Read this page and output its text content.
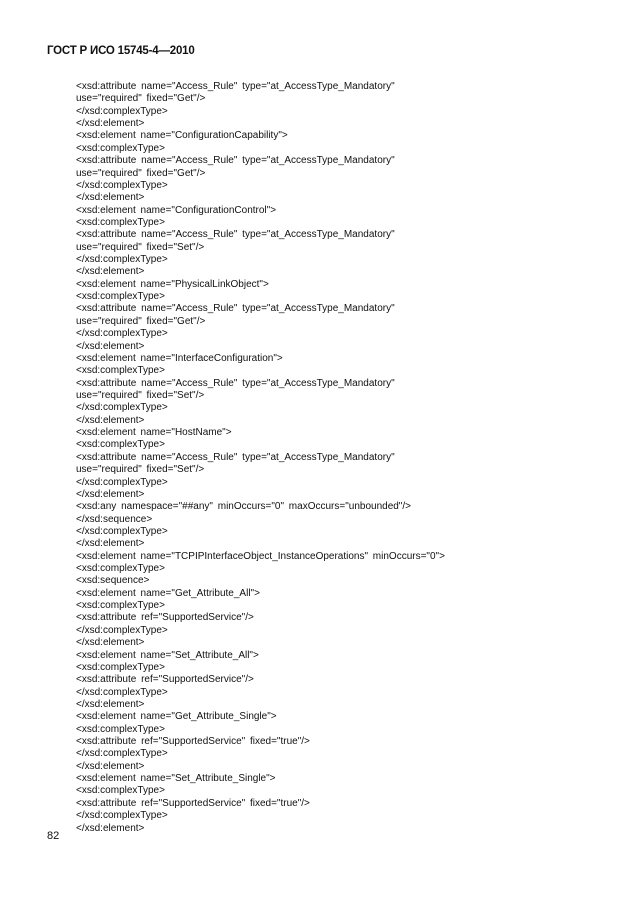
ГОСТ Р ИСО 15745-4—2010
<xsd:attribute name="Access_Rule" type="at_AccessType_Mandatory"
use="required" fixed="Get"/>
</xsd:complexType>
</xsd:element>
<xsd:element name="ConfigurationCapability">
<xsd:complexType>
<xsd:attribute name="Access_Rule" type="at_AccessType_Mandatory"
use="required" fixed="Get"/>
</xsd:complexType>
</xsd:element>
<xsd:element name="ConfigurationControl">
<xsd:complexType>
<xsd:attribute name="Access_Rule" type="at_AccessType_Mandatory"
use="required" fixed="Set"/>
</xsd:complexType>
</xsd:element>
<xsd:element name="PhysicalLinkObject">
<xsd:complexType>
<xsd:attribute name="Access_Rule" type="at_AccessType_Mandatory"
use="required" fixed="Get"/>
</xsd:complexType>
</xsd:element>
<xsd:element name="InterfaceConfiguration">
<xsd:complexType>
<xsd:attribute name="Access_Rule" type="at_AccessType_Mandatory"
use="required" fixed="Set"/>
</xsd:complexType>
</xsd:element>
<xsd:element name="HostName">
<xsd:complexType>
<xsd:attribute name="Access_Rule" type="at_AccessType_Mandatory"
use="required" fixed="Set"/>
</xsd:complexType>
</xsd:element>
<xsd:any namespace="##any" minOccurs="0" maxOccurs="unbounded"/>
</xsd:sequence>
</xsd:complexType>
</xsd:element>
<xsd:element name="TCPIPInterfaceObject_InstanceOperations" minOccurs="0">
<xsd:complexType>
<xsd:sequence>
<xsd:element name="Get_Attribute_All">
<xsd:complexType>
<xsd:attribute ref="SupportedService"/>
</xsd:complexType>
</xsd:element>
<xsd:element name="Set_Attribute_All">
<xsd:complexType>
<xsd:attribute ref="SupportedService"/>
</xsd:complexType>
</xsd:element>
<xsd:element name="Get_Attribute_Single">
<xsd:complexType>
<xsd:attribute ref="SupportedService" fixed="true"/>
</xsd:complexType>
</xsd:element>
<xsd:element name="Set_Attribute_Single">
<xsd:complexType>
<xsd:attribute ref="SupportedService" fixed="true"/>
</xsd:complexType>
</xsd:element>
82
